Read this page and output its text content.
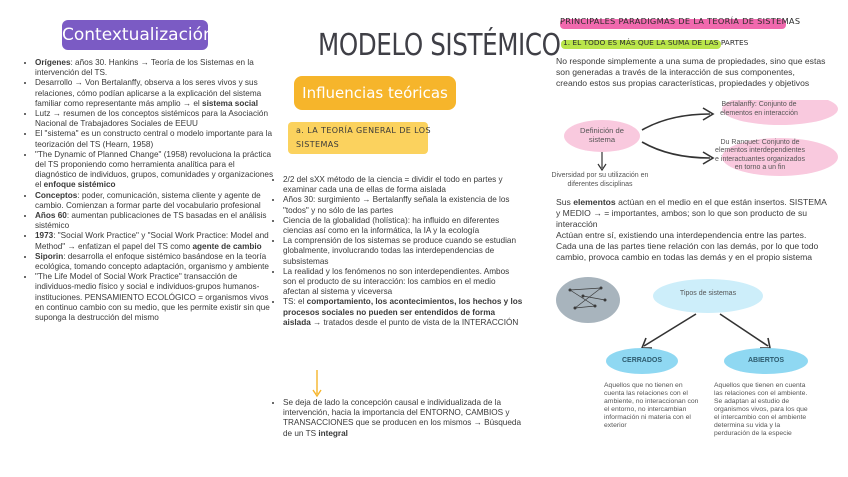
Contextualización
• Orígenes: años 30. Hankins → Teoría de los Sistemas en la intervención del TS.
• Desarrollo → Von Bertalanffy, observa a los seres vivos y sus relaciones, cómo podían aplicarse a la explicación del sistema familiar como representante más amplio → el sistema social
• Lutz → resumen de los conceptos sistémicos para la Asociación Nacional de Trabajadores Sociales de EEUU
• El "sistema" es un constructo central o modelo importante para la teorización del TS (Hearn, 1958)
• "The Dynamic of Planned Change" (1958) revoluciona la práctica del TS proponiendo como herramienta analítica para el diagnóstico de individuos, grupos, comunidades y organizaciones el enfoque sistémico
• Conceptos: poder, comunicación, sistema cliente y agente de cambio. Comienzan a formar parte del vocabulario profesional
• Años 60: aumentan publicaciones de TS basadas en el análisis sistémico
• 1973: "Social Work Practice" y "Social Work Practice: Model and Method" → enfatizan el papel del TS como agente de cambio
• Siporin: desarrolla el enfoque sistémico basándose en la teoría ecológica, tomando concepto adaptación, organismo y ambiente
• "The Life Model of Social Work Practice" transacción de individuos-medio físico y social e individuos-grupos humanos-instituciones. PENSAMIENTO ECOLÓGICO = organismos vivos en continuo cambio con su medio, que les permite existir sin que suponga la destrucción del mismo
MODELO SISTÉMICO
Influencias teóricas
a. LA TEORÍA GENERAL DE LOS SISTEMAS
• 2/2 del sXX método de la ciencia = dividir el todo en partes y examinar cada una de ellas de forma aislada
• Años 30: surgimiento → Bertalanffy señala la existencia de los "todos" y no sólo de las partes
• Ciencia de la globalidad (holística): ha influido en diferentes ciencias así como en la informática, la IA y la ecología
• La comprensión de los sistemas se produce cuando se estudian globalmente, involucrando todas las interdependencias de subsistemas
• La realidad y los fenómenos no son interdependientes. Ambos son el producto de su interacción: los cambios en el medio afectan al sistema y viceversa
• TS: el comportamiento, los acontecimientos, los hechos y los procesos sociales no pueden ser entendidos de forma aislada → tratados desde el punto de vista de la INTERACCIÓN
• Se deja de lado la concepción causal e individualizada de la intervención, hacia la importancia del ENTORNO, CAMBIOS y TRANSACCIONES que se producen en los mismos → Búsqueda de un TS integral
PRINCIPALES PARADIGMAS DE LA TEORÍA DE SISTEMAS
1. EL TODO ES MÁS QUE LA SUMA DE LAS PARTES
No responde simplemente a una suma de propiedades, sino que estas son generadas a través de la interacción de sus componentes, creando estos sus propias características, propiedades y objetivos
Definición de sistema
Bertalanffy: Conjunto de elementos en interacción
Du Ranquet: Conjunto de elementos interdependientes e interactuantes organizados en torno a un fin
Diversidad por su utilización en diferentes disciplinas
Sus elementos actúan en el medio en el que están insertos. SISTEMA y MEDIO → = importantes, ambos; son lo que son producto de su interacción
Actúan entre sí, existiendo una interdependencia entre las partes. Cada una de las partes tiene relación con las demás, por lo que todo cambio, provoca cambio en todas las demás y en el propio sistema
Tipos de sistemas
CERRADOS	ABIERTOS
Aquellos que no tienen en cuenta las relaciones con el ambiente, no interaccionan con el entorno, no intercambian información ni materia con el exterior
Aquellos que tienen en cuenta las relaciones con el ambiente. Se adaptan al estudio de organismos vivos, para los que el intercambio con el ambiente determina su vida y la perduración de la especie
